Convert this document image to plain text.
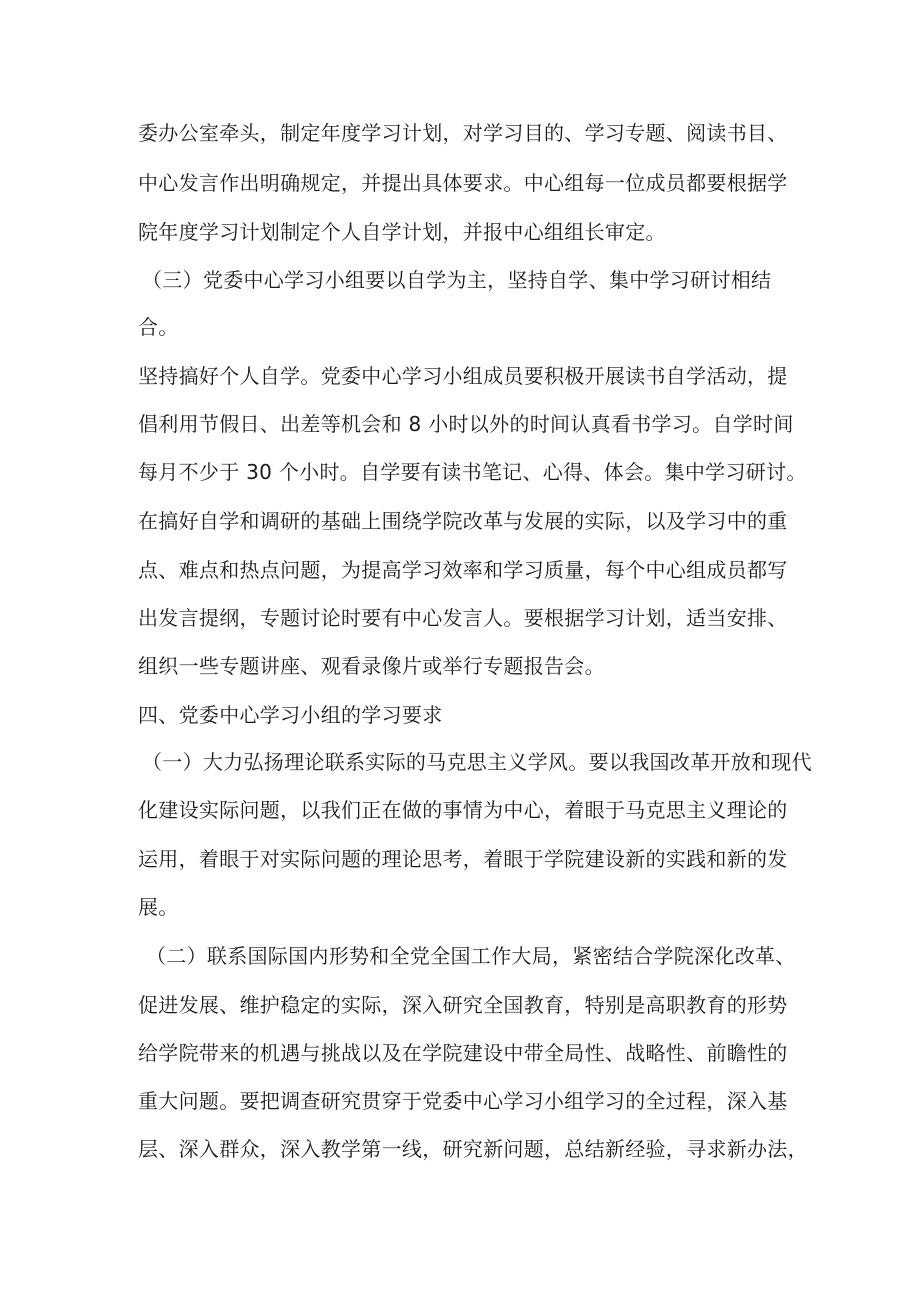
委办公室牵头，制定年度学习计划，对学习目的、学习专题、阅读书目、
中心发言作出明确规定，并提出具体要求。中心组每一位成员都要根据学
院年度学习计划制定个人自学计划，并报中心组组长审定。
（三）党委中心学习小组要以自学为主，坚持自学、集中学习研讨相结
合。
坚持搞好个人自学。党委中心学习小组成员要积极开展读书自学活动，提
倡利用节假日、出差等机会和 8 小时以外的时间认真看书学习。自学时间
每月不少于 30 个小时。自学要有读书笔记、心得、体会。集中学习研讨。
在搞好自学和调研的基础上围绕学院改革与发展的实际，以及学习中的重
点、难点和热点问题，为提高学习效率和学习质量，每个中心组成员都写
出发言提纲，专题讨论时要有中心发言人。要根据学习计划，适当安排、
组织一些专题讲座、观看录像片或举行专题报告会。
四、党委中心学习小组的学习要求
（一）大力弘扬理论联系实际的马克思主义学风。要以我国改革开放和现代
化建设实际问题，以我们正在做的事情为中心，着眼于马克思主义理论的
运用，着眼于对实际问题的理论思考，着眼于学院建设新的实践和新的发
展。
（二）联系国际国内形势和全党全国工作大局，紧密结合学院深化改革、
促进发展、维护稳定的实际，深入研究全国教育，特别是高职教育的形势
给学院带来的机遇与挑战以及在学院建设中带全局性、战略性、前瞻性的
重大问题。要把调查研究贯穿于党委中心学习小组学习的全过程，深入基
层、深入群众，深入教学第一线，研究新问题，总结新经验，寻求新办法，
